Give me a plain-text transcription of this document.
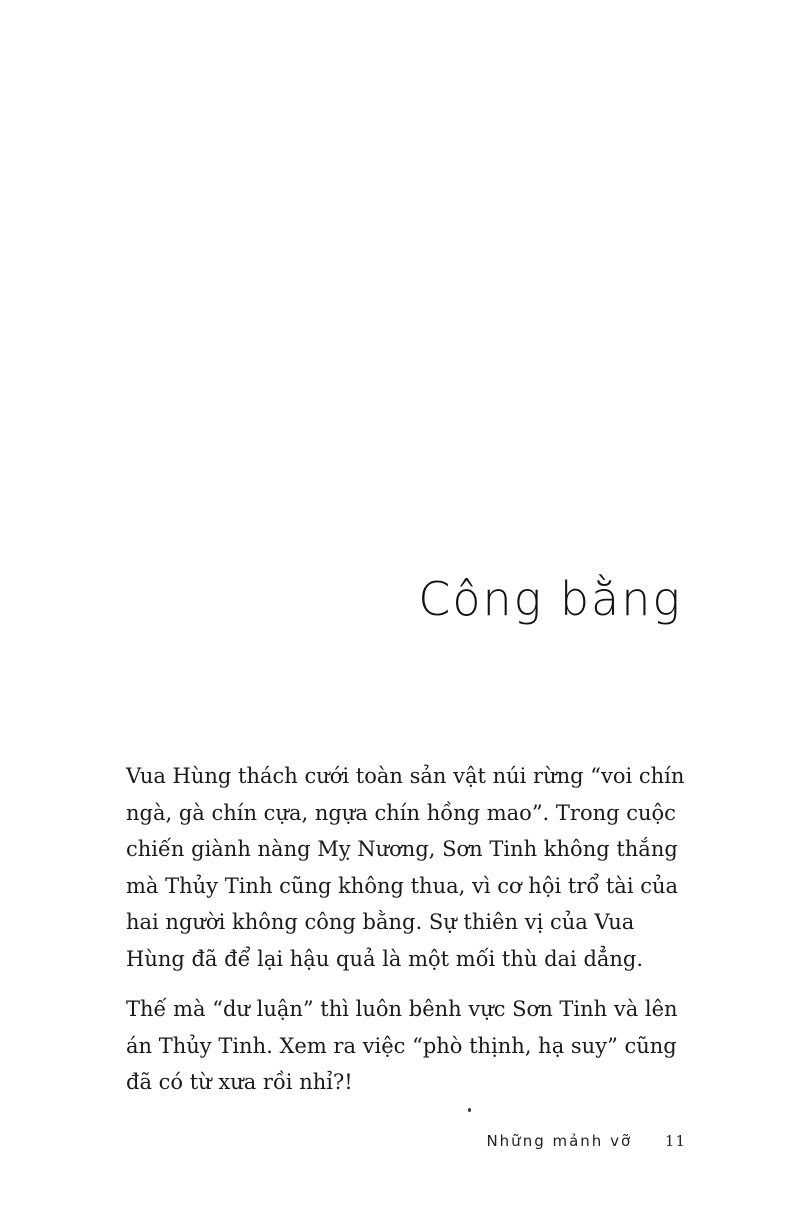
Công bằng

Vua Hùng thách cưới toàn sản vật núi rừng “voi chín ngà, gà chín cựa, ngựa chín hồng mao”. Trong cuộc chiến giành nàng Mỵ Nương, Sơn Tinh không thắng mà Thủy Tinh cũng không thua, vì cơ hội trổ tài của hai người không công bằng. Sự thiên vị của Vua Hùng đã để lại hậu quả là một mối thù dai dẳng.

Thế mà “dư luận” thì luôn bênh vực Sơn Tinh và lên án Thủy Tinh. Xem ra việc “phò thịnh, hạ suy” cũng đã có từ xưa rồi nhỉ?!

Những mảnh vỡ 11
